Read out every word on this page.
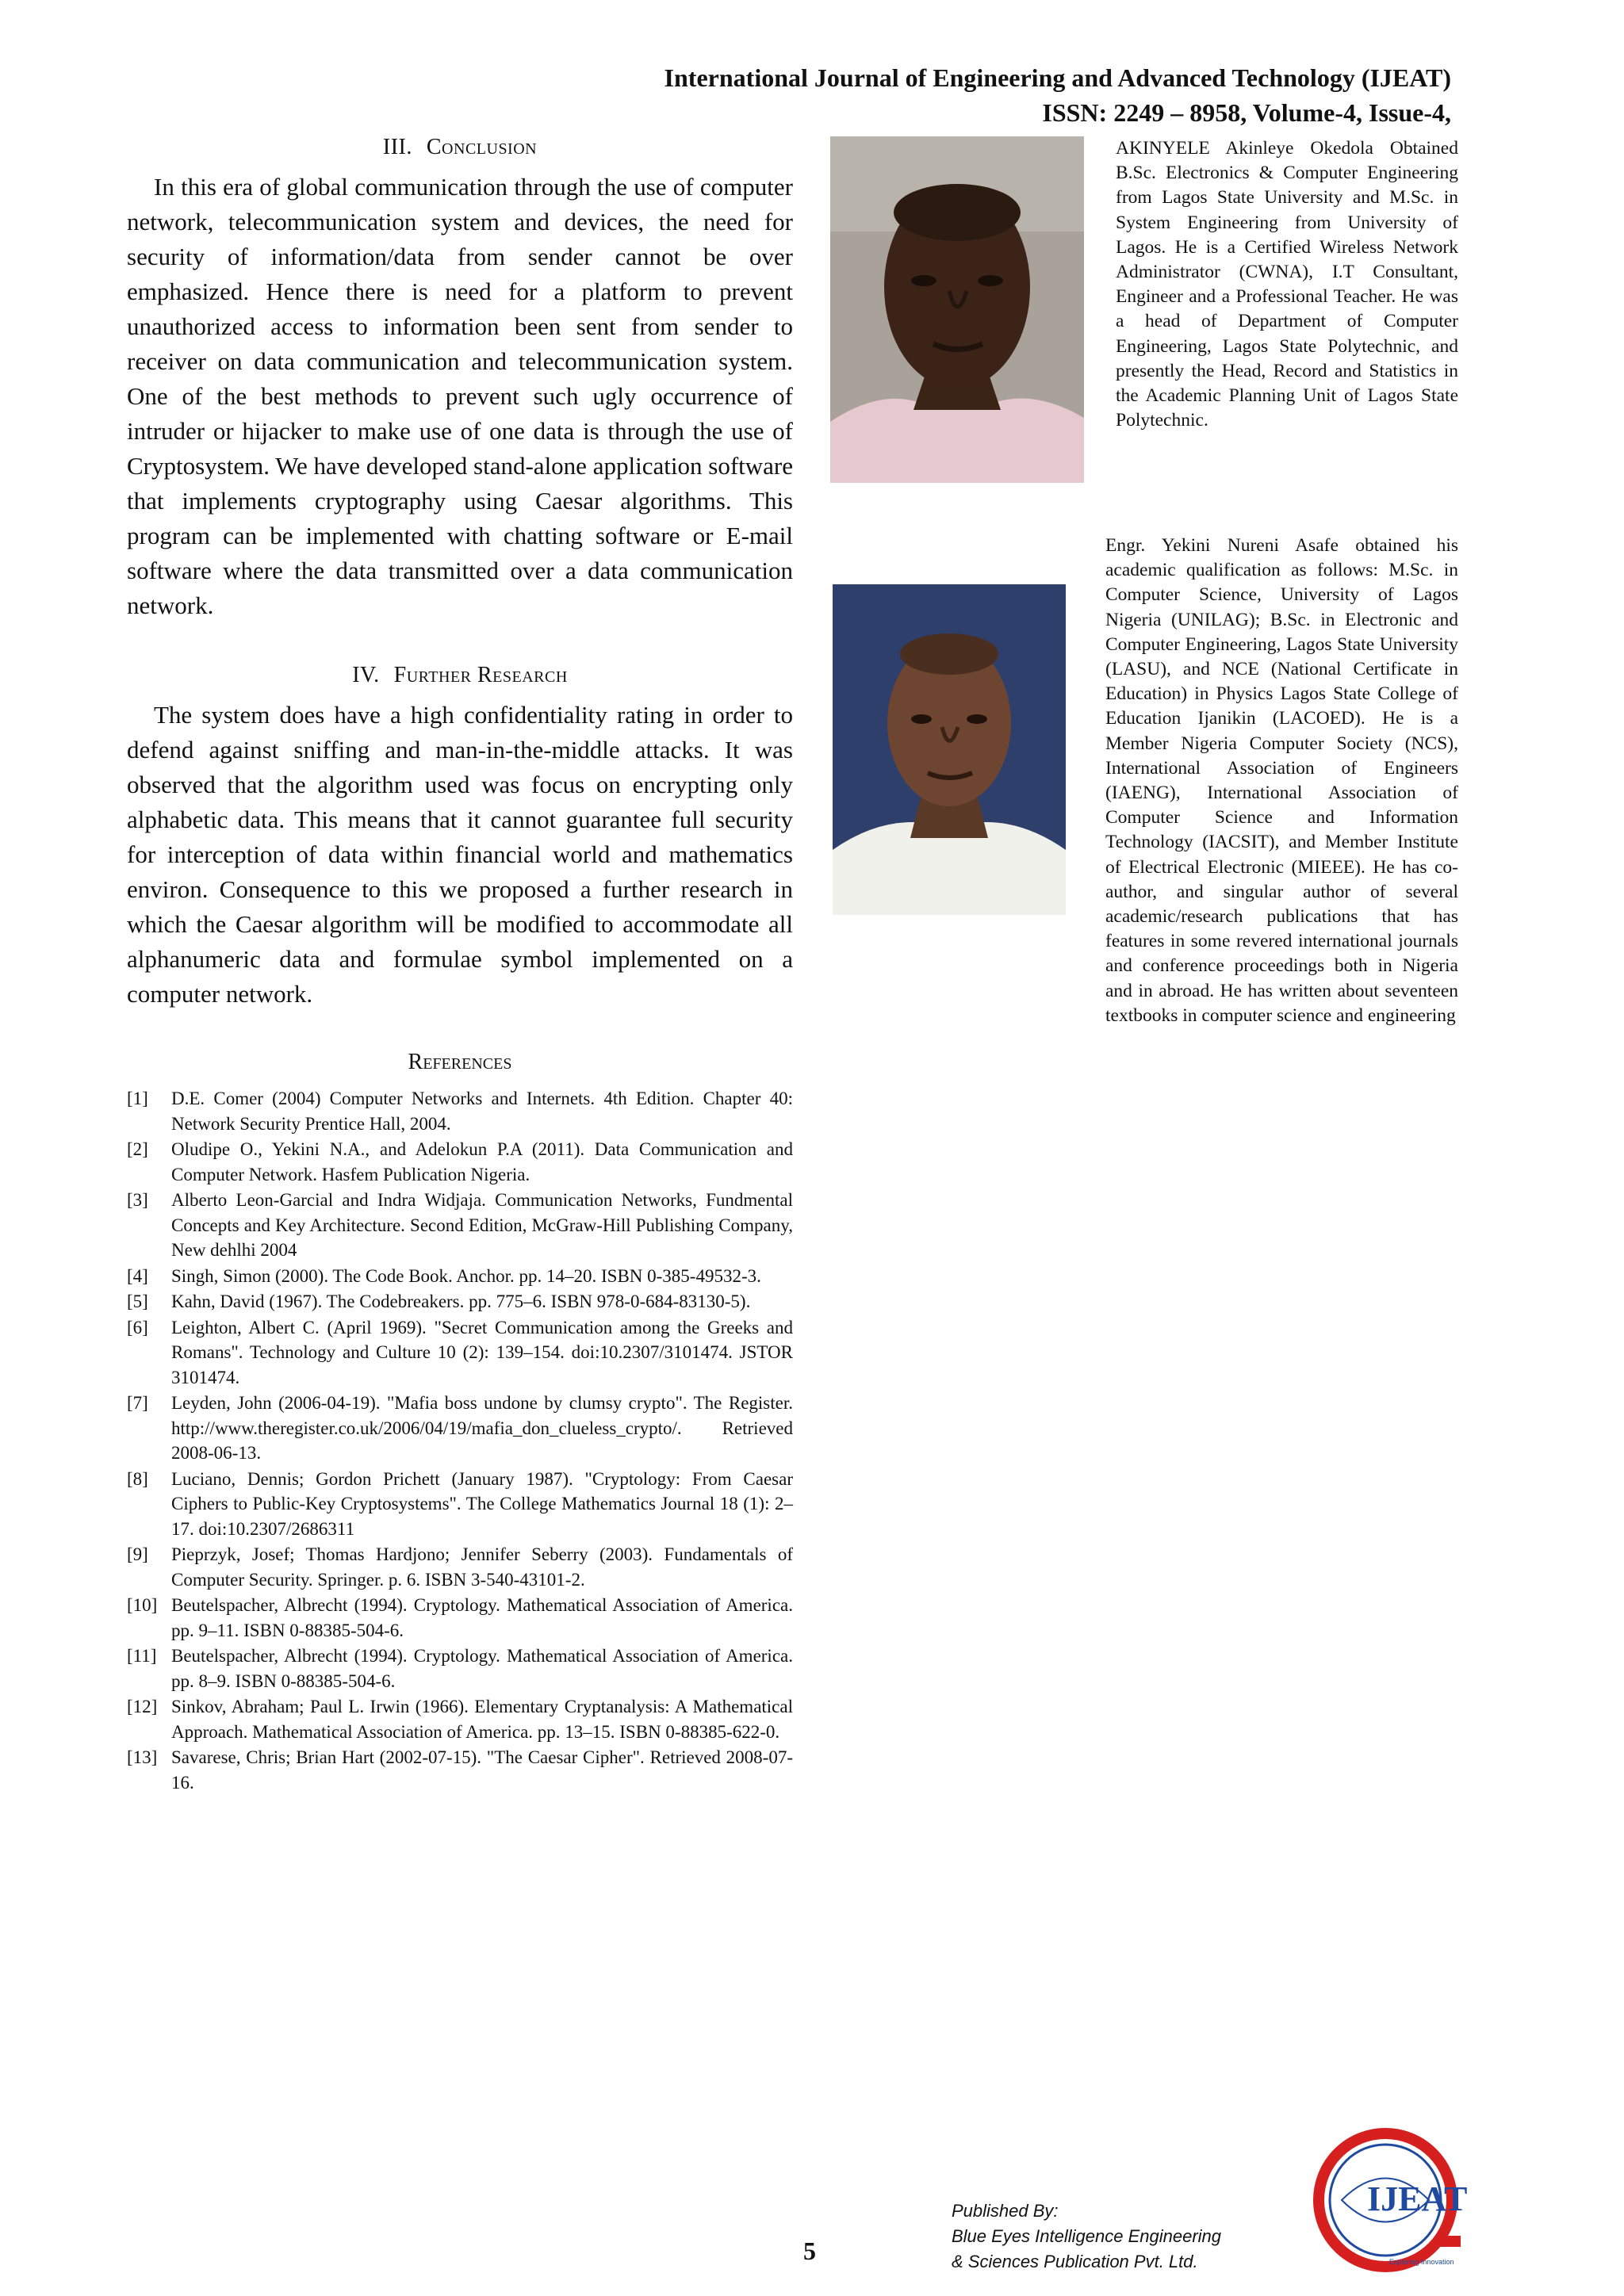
International Journal of Engineering and Advanced Technology (IJEAT)
ISSN: 2249 – 8958, Volume-4, Issue-4,
III. Conclusion

In this era of global communication through the use of computer network, telecommunication system and devices, the need for security of information/data from sender cannot be over emphasized. Hence there is need for a platform to prevent unauthorized access to information been sent from sender to receiver on data communication and telecommunication system. One of the best methods to prevent such ugly occurrence of intruder or hijacker to make use of one data is through the use of Cryptosystem. We have developed stand-alone application software that implements cryptography using Caesar algorithms. This program can be implemented with chatting software or E-mail software where the data transmitted over a data communication network.

IV. Further Research

The system does have a high confidentiality rating in order to defend against sniffing and man-in-the-middle attacks. It was observed that the algorithm used was focus on encrypting only alphabetic data. This means that it cannot guarantee full security for interception of data within financial world and mathematics environ. Consequence to this we proposed a further research in which the Caesar algorithm will be modified to accommodate all alphanumeric data and formulae symbol implemented on a computer network.

References
[1]	D.E. Comer (2004) Computer Networks and Internets. 4th Edition. Chapter 40: Network Security Prentice Hall, 2004.
[2]	Oludipe O., Yekini N.A., and Adelokun P.A (2011). Data Communication and Computer Network. Hasfem Publication Nigeria.
[3]	Alberto Leon-Garcial and Indra Widjaja. Communication Networks, Fundmental Concepts and Key Architecture. Second Edition, McGraw-Hill Publishing Company, New dehlhi 2004
[4]	Singh, Simon (2000). The Code Book. Anchor. pp. 14–20. ISBN 0-385-49532-3.
[5]	Kahn, David (1967). The Codebreakers. pp. 775–6. ISBN 978-0-684-83130-5).
[6]	Leighton, Albert C. (April 1969). "Secret Communication among the Greeks and Romans". Technology and Culture 10 (2): 139–154. doi:10.2307/3101474. JSTOR 3101474.
[7]	Leyden, John (2006-04-19). "Mafia boss undone by clumsy crypto". The Register. http://www.theregister.co.uk/2006/04/19/mafia_don_clueless_crypto/. Retrieved 2008-06-13.
[8]	Luciano, Dennis; Gordon Prichett (January 1987). "Cryptology: From Caesar Ciphers to Public-Key Cryptosystems". The College Mathematics Journal 18 (1): 2–17. doi:10.2307/2686311
[9]	Pieprzyk, Josef; Thomas Hardjono; Jennifer Seberry (2003). Fundamentals of Computer Security. Springer. p. 6. ISBN 3-540-43101-2.
[10] Beutelspacher, Albrecht (1994). Cryptology. Mathematical Association of America. pp. 9–11. ISBN 0-88385-504-6.
[11] Beutelspacher, Albrecht (1994). Cryptology. Mathematical Association of America. pp. 8–9. ISBN 0-88385-504-6.
[12] Sinkov, Abraham; Paul L. Irwin (1966). Elementary Cryptanalysis: A Mathematical Approach. Mathematical Association of America. pp. 13–15. ISBN 0-88385-622-0.
[13] Savarese, Chris; Brian Hart (2002-07-15). "The Caesar Cipher". Retrieved 2008-07-16.

AKINYELE Akinleye Okedola Obtained B.Sc. Electronics & Computer Engineering from Lagos State University and M.Sc. in System Engineering from University of Lagos. He is a Certified Wireless Network Administrator (CWNA), I.T Consultant, Engineer and a Professional Teacher. He was a head of Department of Computer Engineering, Lagos State Polytechnic, and presently the Head, Record and Statistics in the Academic Planning Unit of Lagos State Polytechnic.

Engr. Yekini Nureni Asafe obtained his academic qualification as follows: M.Sc. in Computer Science, University of Lagos Nigeria (UNILAG); B.Sc. in Electronic and Computer Engineering, Lagos State University (LASU), and NCE (National Certificate in Education) in Physics Lagos State College of Education Ijanikin (LACOED). He is a Member Nigeria Computer Society (NCS), International Association of Engineers (IAENG), International Association of Computer Science and Information Technology (IACSIT), and Member Institute of Electrical Electronic (MIEEE). He has co-author, and singular author of several academic/research publications that has features in some revered international journals and conference proceedings both in Nigeria and in abroad. He has written about seventeen textbooks in computer science and engineering

5
Published By:
Blue Eyes Intelligence Engineering
& Sciences Publication Pvt. Ltd.
IJEAT
Exploring Innovation
